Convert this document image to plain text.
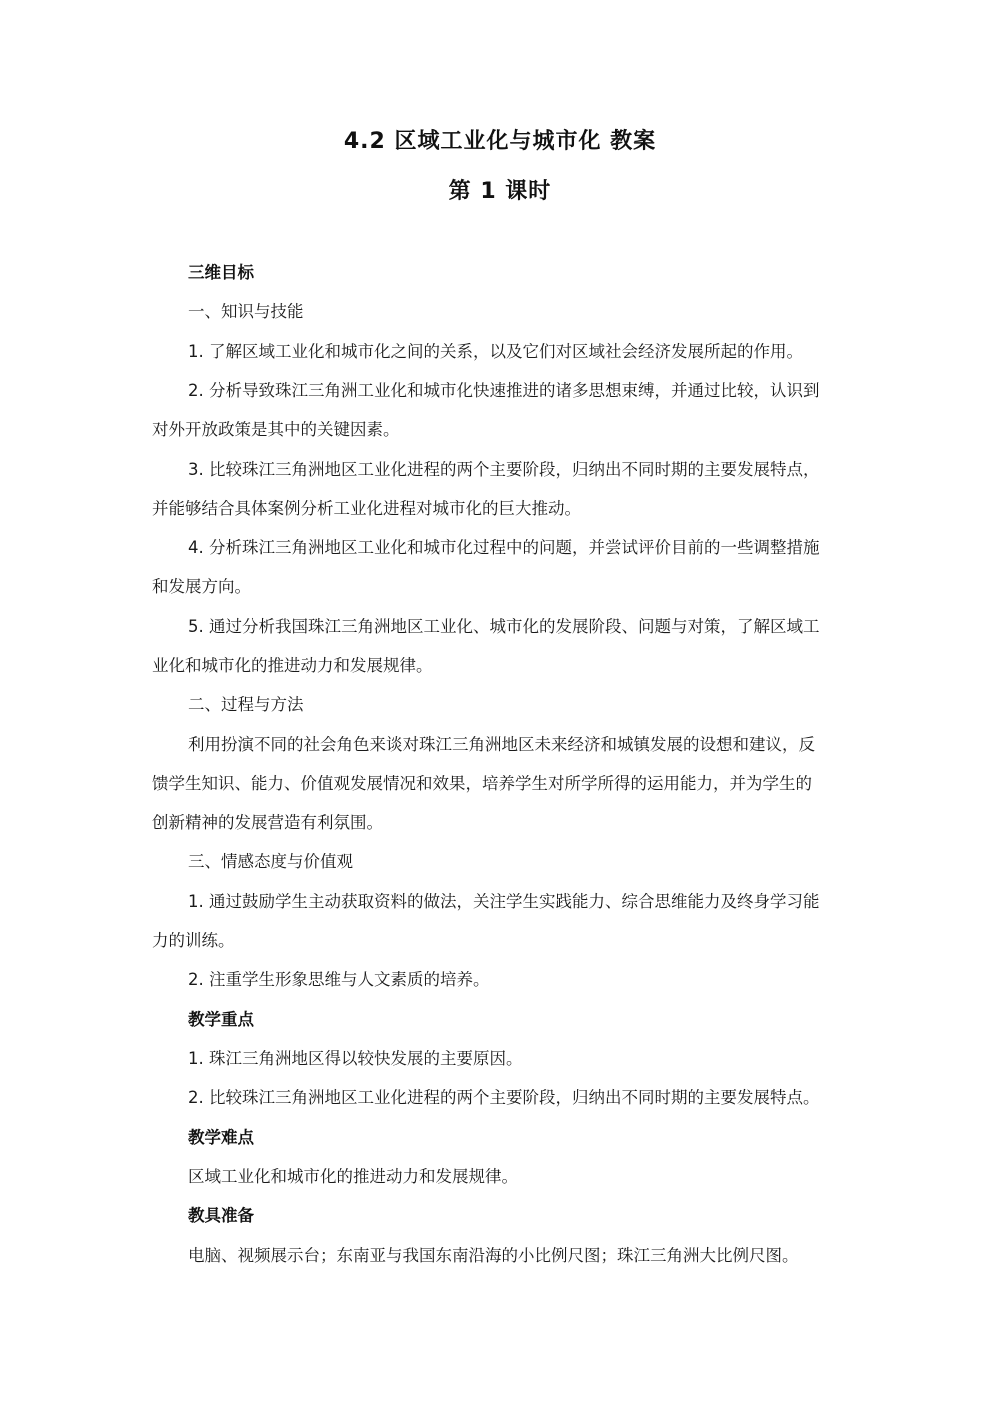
4.2 区域工业化与城市化 教案
第 1 课时
三维目标
一、知识与技能
1. 了解区域工业化和城市化之间的关系，以及它们对区域社会经济发展所起的作用。
2. 分析导致珠江三角洲工业化和城市化快速推进的诸多思想束缚，并通过比较，认识到
对外开放政策是其中的关键因素。
3. 比较珠江三角洲地区工业化进程的两个主要阶段，归纳出不同时期的主要发展特点，
并能够结合具体案例分析工业化进程对城市化的巨大推动。
4. 分析珠江三角洲地区工业化和城市化过程中的问题，并尝试评价目前的一些调整措施
和发展方向。
5. 通过分析我国珠江三角洲地区工业化、城市化的发展阶段、问题与对策，了解区域工
业化和城市化的推进动力和发展规律。
二、过程与方法
利用扮演不同的社会角色来谈对珠江三角洲地区未来经济和城镇发展的设想和建议，反
馈学生知识、能力、价值观发展情况和效果，培养学生对所学所得的运用能力，并为学生的
创新精神的发展营造有利氛围。
三、情感态度与价值观
1. 通过鼓励学生主动获取资料的做法，关注学生实践能力、综合思维能力及终身学习能
力的训练。
2. 注重学生形象思维与人文素质的培养。
教学重点
1. 珠江三角洲地区得以较快发展的主要原因。
2. 比较珠江三角洲地区工业化进程的两个主要阶段，归纳出不同时期的主要发展特点。
教学难点
区域工业化和城市化的推进动力和发展规律。
教具准备
电脑、视频展示台；东南亚与我国东南沿海的小比例尺图；珠江三角洲大比例尺图。
